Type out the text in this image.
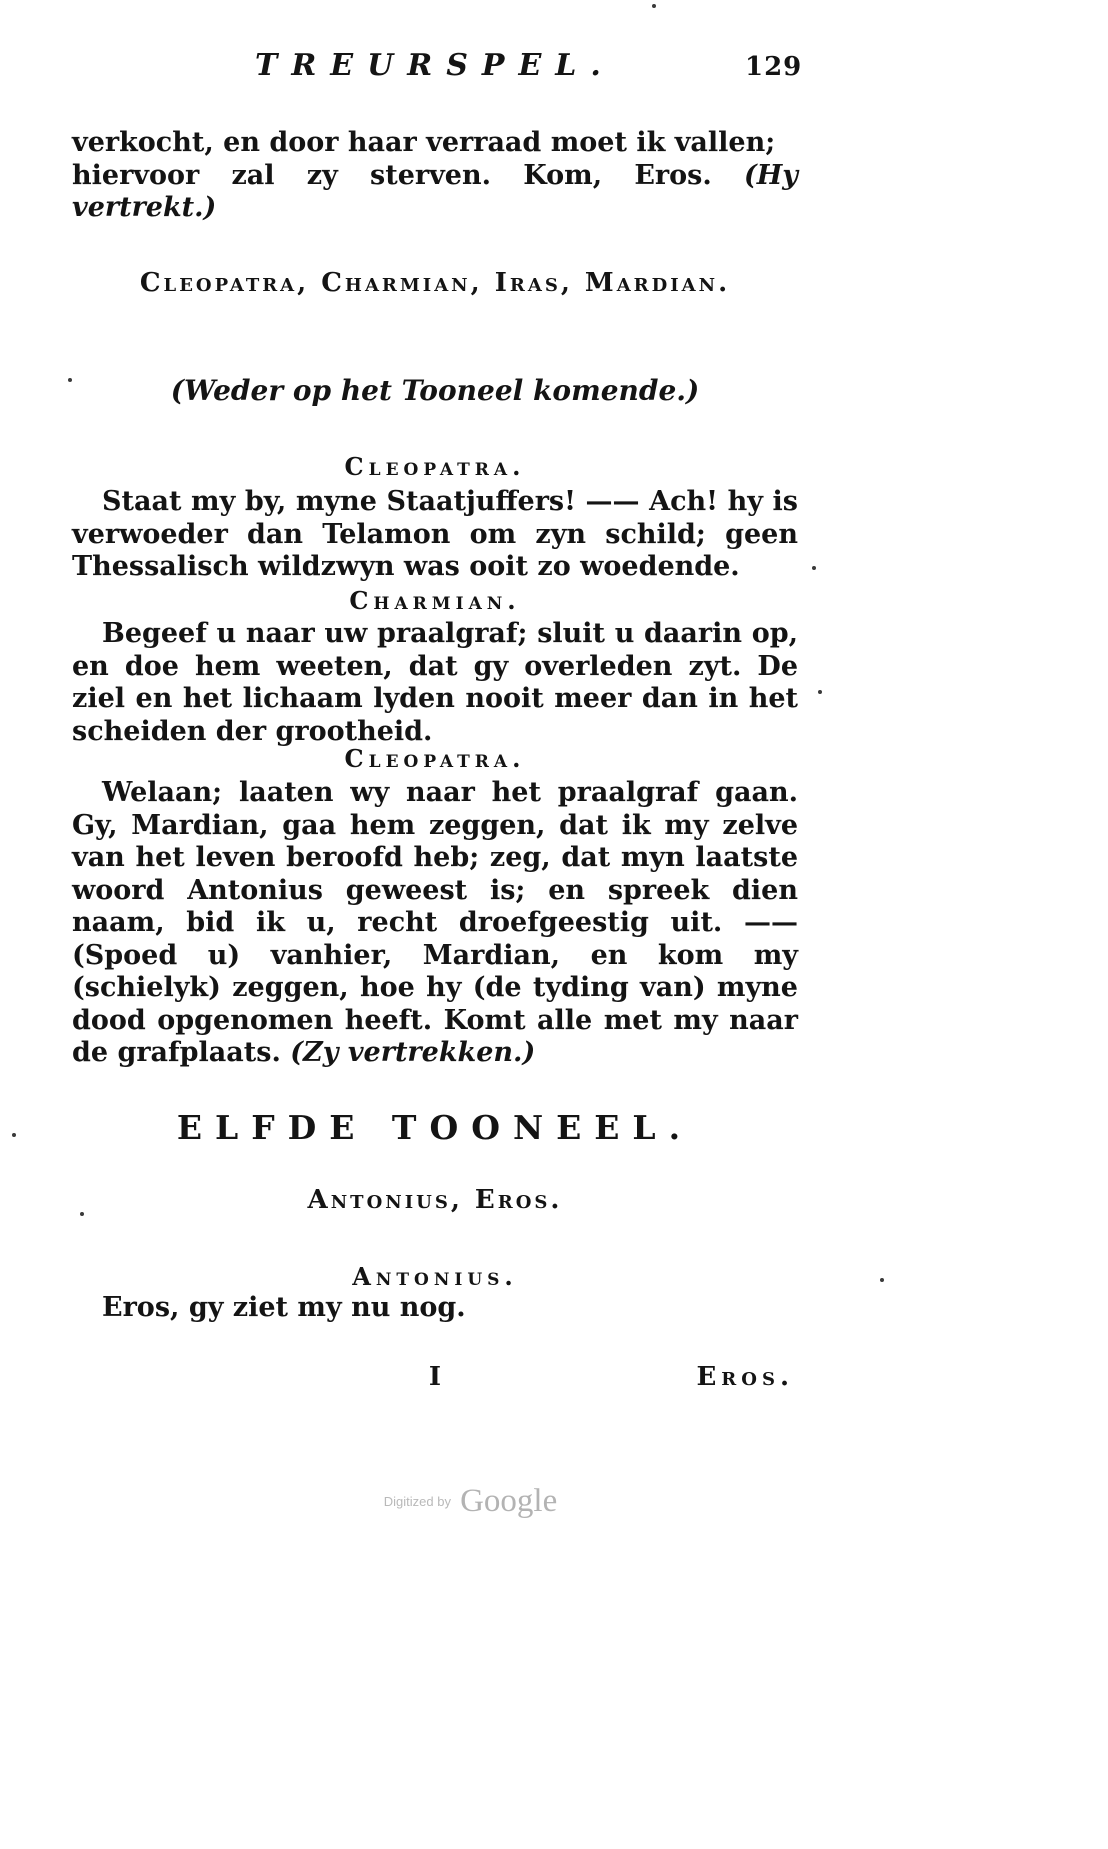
TREURSPEL.	129

verkocht, en door haar verraad moet ik vallen;

hiervoor zal zy sterven. Kom, Eros. (Hy vertrekt.)

Cleopatra, Charmian, Iras, Mardian.
(Weder op het Tooneel komende.)
Cleopatra.

Staat my by, myne Staatjuffers! —— Ach! hy is verwoeder dan Telamon om zyn schild; geen Thessalisch wildzwyn was ooit zo woedende.

Charmian.

Begeef u naar uw praalgraf; sluit u daarin op, en doe hem weeten, dat gy overleden zyt. De ziel en het lichaam lyden nooit meer dan in het scheiden der grootheid.

Cleopatra.

Welaan; laaten wy naar het praalgraf gaan. Gy, Mardian, gaa hem zeggen, dat ik my zelve van het leven beroofd heb; zeg, dat myn laatste woord Antonius geweest is; en spreek dien naam, bid ik u, recht droefgeestig uit. —— (Spoed u) vanhier, Mardian, en kom my (schielyk) zeggen, hoe hy (de tyding van) myne dood opgenomen heeft. Komt alle met my naar de grafplaats. (Zy vertrekken.)

ELFDE TOONEEL.
Antonius, Eros.
Antonius.

Eros, gy ziet my nu nog.

I	Eros.
Digitized by Google
